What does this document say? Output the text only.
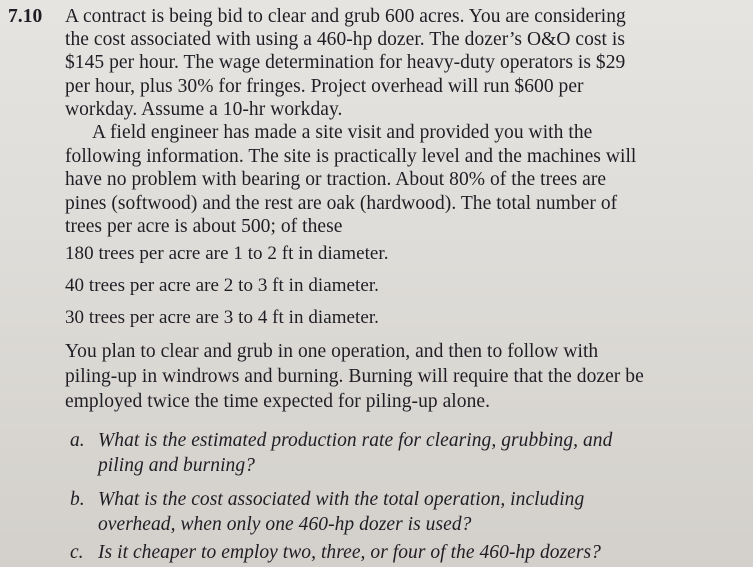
7.10 A contract is being bid to clear and grub 600 acres. You are considering
the cost associated with using a 460-hp dozer. The dozer’s O&O cost is
$145 per hour. The wage determination for heavy-duty operators is $29
per hour, plus 30% for fringes. Project overhead will run $600 per
workday. Assume a 10-hr workday.
A field engineer has made a site visit and provided you with the
following information. The site is practically level and the machines will
have no problem with bearing or traction. About 80% of the trees are
pines (softwood) and the rest are oak (hardwood). The total number of
trees per acre is about 500; of these
180 trees per acre are 1 to 2 ft in diameter.
40 trees per acre are 2 to 3 ft in diameter.
30 trees per acre are 3 to 4 ft in diameter.
You plan to clear and grub in one operation, and then to follow with
piling-up in windrows and burning. Burning will require that the dozer be
employed twice the time expected for piling-up alone.
a. What is the estimated production rate for clearing, grubbing, and
piling and burning?
b. What is the cost associated with the total operation, including
overhead, when only one 460-hp dozer is used?
c. Is it cheaper to employ two, three, or four of the 460-hp dozers?
